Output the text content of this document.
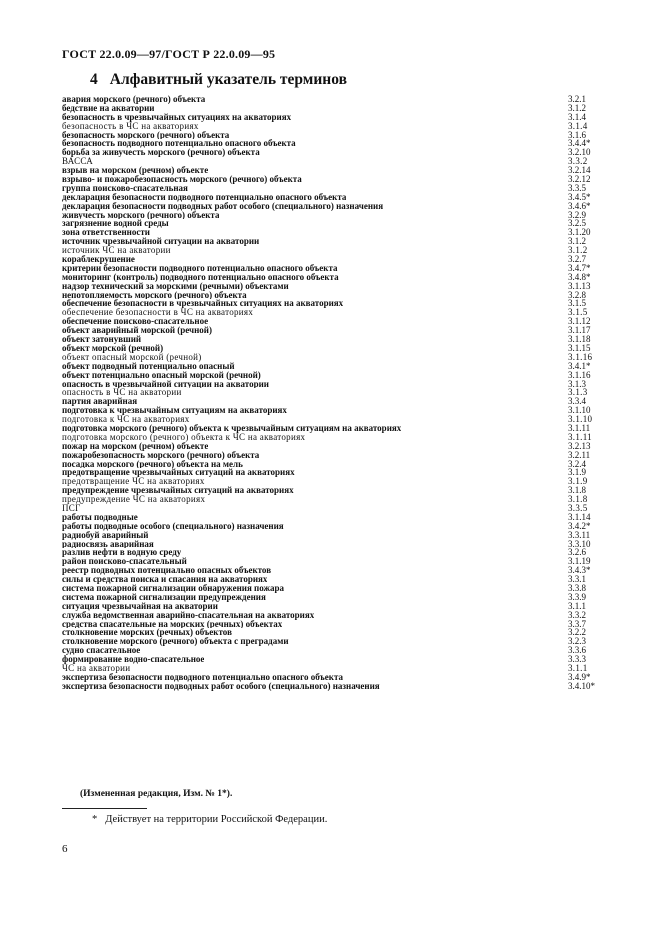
ГОСТ 22.0.09—97/ГОСТ Р 22.0.09—95
4 Алфавитный указатель терминов
авария морского (речного) объекта	3.2.1
бедствие на акватории	3.1.2
безопасность в чрезвычайных ситуациях на акваториях	3.1.4
безопасность в ЧС на акваториях	3.1.4
безопасность морского (речного) объекта	3.1.6
безопасность подводного потенциально опасного объекта	3.4.4*
борьба за живучесть морского (речного) объекта	3.2.10
ВАССА	3.3.2
взрыв на морском (речном) объекте	3.2.14
взрыво- и пожаробезопасность морского (речного) объекта	3.2.12
группа поисково-спасательная	3.3.5
декларация безопасности подводного потенциально опасного объекта	3.4.5*
декларация безопасности подводных работ особого (специального) назначения	3.4.6*
живучесть морского (речного) объекта	3.2.9
загрязнение водной среды	3.2.5
зона ответственности	3.1.20
источник чрезвычайной ситуации на акватории	3.1.2
источник ЧС на акватории	3.1.2
кораблекрушение	3.2.7
критерии безопасности подводного потенциально опасного объекта	3.4.7*
мониторинг (контроль) подводного потенциально опасного объекта	3.4.8*
надзор технический за морскими (речными) объектами	3.1.13
непотопляемость морского (речного) объекта	3.2.8
обеспечение безопасности в чрезвычайных ситуациях на акваториях	3.1.5
обеспечение безопасности в ЧС на акваториях	3.1.5
обеспечение поисково-спасательное	3.1.12
объект аварийный морской (речной)	3.1.17
объект затонувший	3.1.18
объект морской (речной)	3.1.15
объект опасный морской (речной)	3.1.16
объект подводный потенциально опасный	3.4.1*
объект потенциально опасный морской (речной)	3.1.16
опасность в чрезвычайной ситуации на акватории	3.1.3
опасность в ЧС на акватории	3.1.3
партия аварийная	3.3.4
подготовка к чрезвычайным ситуациям на акваториях	3.1.10
подготовка к ЧС на акваториях	3.1.10
подготовка морского (речного) объекта к чрезвычайным ситуациям на акваториях	3.1.11
подготовка морского (речного) объекта к ЧС на акваториях	3.1.11
пожар на морском (речном) объекте	3.2.13
пожаробезопасность морского (речного) объекта	3.2.11
посадка морского (речного) объекта на мель	3.2.4
предотвращение чрезвычайных ситуаций на акваториях	3.1.9
предотвращение ЧС на акваториях	3.1.9
предупреждение чрезвычайных ситуаций на акваториях	3.1.8
предупреждение ЧС на акваториях	3.1.8
ПСГ	3.3.5
работы подводные	3.1.14
работы подводные особого (специального) назначения	3.4.2*
радиобуй аварийный	3.3.11
радиосвязь аварийная	3.3.10
разлив нефти в водную среду	3.2.6
район поисково-спасательный	3.1.19
реестр подводных потенциально опасных объектов	3.4.3*
силы и средства поиска и спасания на акваториях	3.3.1
система пожарной сигнализации обнаружения пожара	3.3.8
система пожарной сигнализации предупреждения	3.3.9
ситуация чрезвычайная на акватории	3.1.1
служба ведомственная аварийно-спасательная на акваториях	3.3.2
средства спасательные на морских (речных) объектах	3.3.7
столкновение морских (речных) объектов	3.2.2
столкновение морского (речного) объекта с преградами	3.2.3
судно спасательное	3.3.6
формирование водно-спасательное	3.3.3
ЧС на акватории	3.1.1
экспертиза безопасности подводного потенциально опасного объекта	3.4.9*
экспертиза безопасности подводных работ особого (специального) назначения	3.4.10*
(Измененная редакция, Изм. № 1*).
* Действует на территории Российской Федерации.
6
